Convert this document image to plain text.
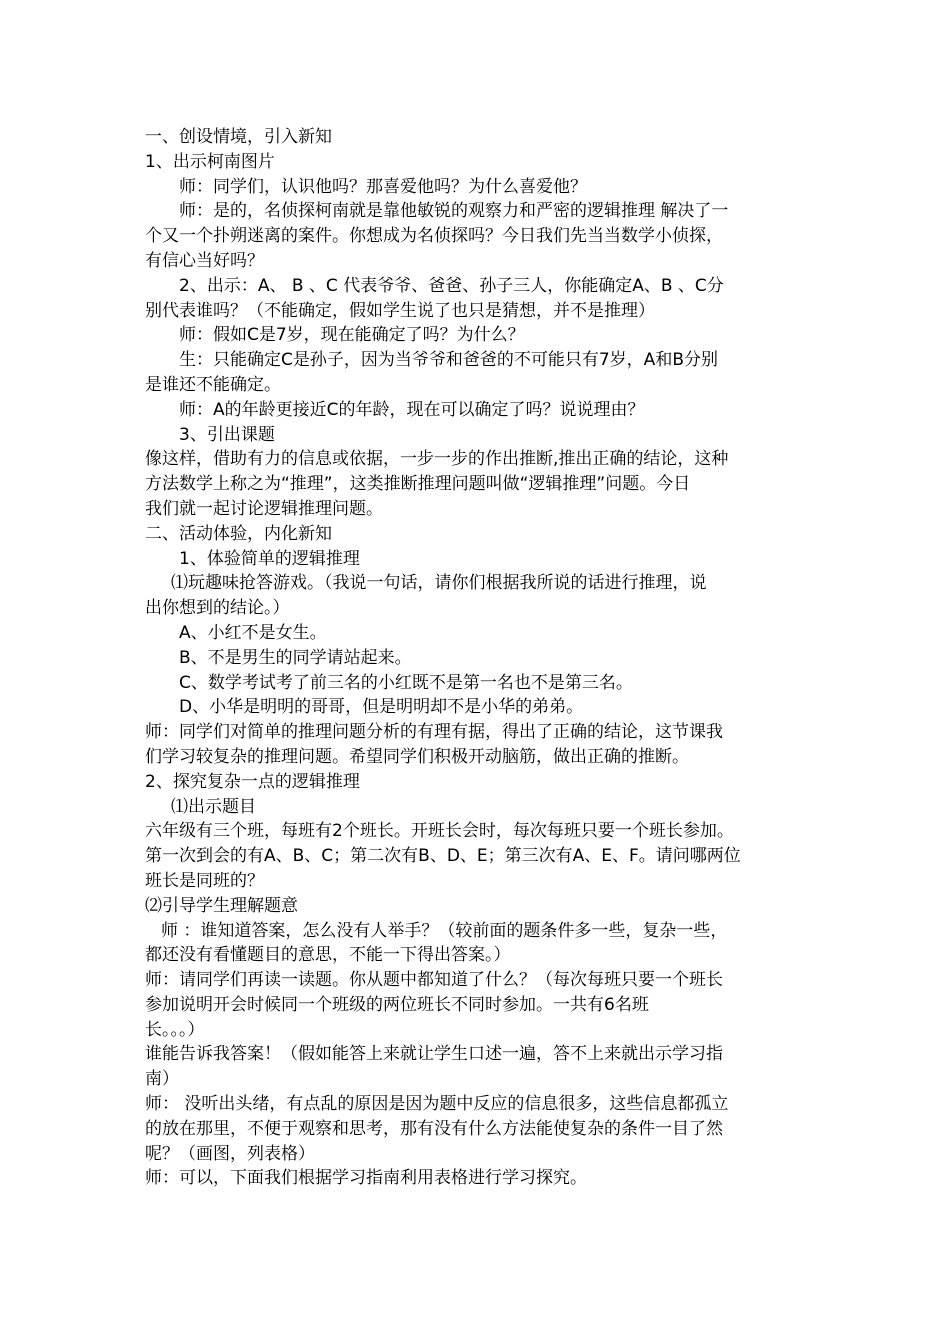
一、创设情境，引入新知

1、出示柯南图片

师：同学们，认识他吗？那喜爱他吗？为什么喜爱他？

师：是的，名侦探柯南就是靠他敏锐的观察力和严密的逻辑推理 解决了一

个又一个扑朔迷离的案件。你想成为名侦探吗？今日我们先当当数学小侦探，

有信心当好吗？

2、出示：A、 B 、C 代表爷爷、爸爸、孙子三人，你能确定A、B 、C分

别代表谁吗？（不能确定，假如学生说了也只是猜想，并不是推理）

师：假如C是7岁，现在能确定了吗？为什么？

生：只能确定C是孙子，因为当爷爷和爸爸的不可能只有7岁，A和B分别

是谁还不能确定。

师：A的年龄更接近C的年龄，现在可以确定了吗？说说理由？

3、引出课题

像这样，借助有力的信息或依据，一步一步的作出推断,推出正确的结论，这种

方法数学上称之为“推理”，这类推断推理问题叫做“逻辑推理”问题。今日

我们就一起讨论逻辑推理问题。

二、活动体验，内化新知

1、体验简单的逻辑推理

⑴玩趣味抢答游戏。（我说一句话，请你们根据我所说的话进行推理，说

出你想到的结论。）

A、小红不是女生。

B、不是男生的同学请站起来。

C、数学考试考了前三名的小红既不是第一名也不是第三名。

D、小华是明明的哥哥，但是明明却不是小华的弟弟。

师：同学们对简单的推理问题分析的有理有据，得出了正确的结论，这节课我

们学习较复杂的推理问题。希望同学们积极开动脑筋，做出正确的推断。

2、探究复杂一点的逻辑推理

⑴出示题目

六年级有三个班，每班有2个班长。开班长会时，每次每班只要一个班长参加。

第一次到会的有A、B、C；第二次有B、D、E；第三次有A、E、F。请问哪两位

班长是同班的？

⑵引导学生理解题意

师 ：谁知道答案，怎么没有人举手？（较前面的题条件多一些，复杂一些，

都还没有看懂题目的意思，不能一下得出答案。）

师：请同学们再读一读题。你从题中都知道了什么？（每次每班只要一个班长

参加说明开会时候同一个班级的两位班长不同时参加。一共有6名班

长。。。）

谁能告诉我答案！（假如能答上来就让学生口述一遍，答不上来就出示学习指

南）

师： 没听出头绪，有点乱的原因是因为题中反应的信息很多，这些信息都孤立

的放在那里，不便于观察和思考，那有没有什么方法能使复杂的条件一目了然

呢？（画图，列表格）

师：可以，下面我们根据学习指南利用表格进行学习探究。
